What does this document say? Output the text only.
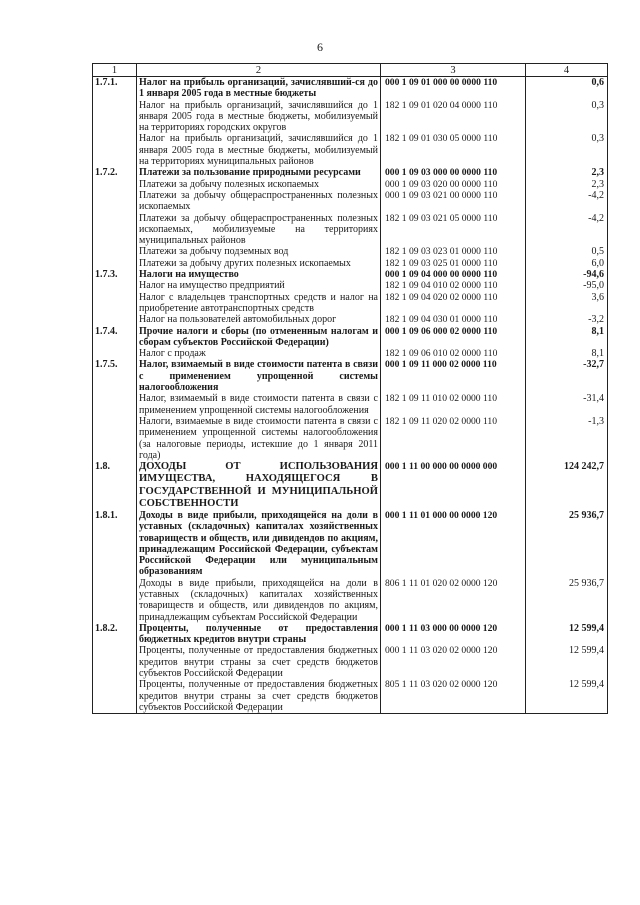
6
1	2	3	4
1.7.1.	Налог на прибыль организаций, зачислявший-ся до 1 января 2005 года в местные бюджеты	000 1 09 01 000 00 0000 110	0,6
	Налог на прибыль организаций, зачислявшийся до 1 января 2005 года в местные бюджеты, мобилизуемый на территориях городских округов	182 1 09 01 020 04 0000 110	0,3
	Налог на прибыль организаций, зачислявшийся до 1 января 2005 года в местные бюджеты, мобилизуемый на территориях муниципальных районов	182 1 09 01 030 05 0000 110	0,3
1.7.2.	Платежи за пользование природными ресурсами	000 1 09 03 000 00 0000 110	2,3
	Платежи за добычу полезных ископаемых	000 1 09 03 020 00 0000 110	2,3
	Платежи за добычу общераспространенных полезных ископаемых	000 1 09 03 021 00 0000 110	-4,2
	Платежи за добычу общераспространенных полезных ископаемых, мобилизуемые на территориях муниципальных районов	182 1 09 03 021 05 0000 110	-4,2
	Платежи за добычу подземных вод	182 1 09 03 023 01 0000 110	0,5
	Платежи за добычу других полезных ископаемых	182 1 09 03 025 01 0000 110	6,0
1.7.3.	Налоги на имущество	000 1 09 04 000 00 0000 110	-94,6
	Налог на имущество предприятий	182 1 09 04 010 02 0000 110	-95,0
	Налог с владельцев транспортных средств и налог на приобретение автотранспортных средств	182 1 09 04 020 02 0000 110	3,6
	Налог на пользователей автомобильных дорог	182 1 09 04 030 01 0000 110	-3,2
1.7.4.	Прочие налоги и сборы (по отмененным налогам и сборам субъектов Российской Федерации)	000 1 09 06 000 02 0000 110	8,1
	Налог с продаж	182 1 09 06 010 02 0000 110	8,1
1.7.5.	Налог, взимаемый в виде стоимости патента в связи с применением упрощенной системы налогообложения	000 1 09 11 000 02 0000 110	-32,7
	Налог, взимаемый в виде стоимости патента в связи с применением упрощенной системы налогообложения	182 1 09 11 010 02 0000 110	-31,4
	Налоги, взимаемые в виде стоимости патента в связи с применением упрощенной системы налогообложения (за налоговые периоды, истекшие до 1 января 2011 года)	182 1 09 11 020 02 0000 110	-1,3
1.8.	ДОХОДЫ ОТ ИСПОЛЬЗОВАНИЯ ИМУЩЕСТВА, НАХОДЯЩЕГОСЯ В ГОСУДАРСТВЕННОЙ И МУНИЦИПАЛЬНОЙ СОБСТВЕННОСТИ	000 1 11 00 000 00 0000 000	124 242,7
1.8.1.	Доходы в виде прибыли, приходящейся на доли в уставных (складочных) капиталах хозяйственных товариществ и обществ, или дивидендов по акциям, принадлежащим Российской Федерации, субъектам Российской Федерации или муниципальным образованиям	000 1 11 01 000 00 0000 120	25 936,7
	Доходы в виде прибыли, приходящейся на доли в уставных (складочных) капиталах хозяйственных товариществ и обществ, или дивидендов по акциям, принадлежащим субъектам Российской Федерации	806 1 11 01 020 02 0000 120	25 936,7
1.8.2.	Проценты, полученные от предоставления бюджетных кредитов внутри страны	000 1 11 03 000 00 0000 120	12 599,4
	Проценты, полученные от предоставления бюджетных кредитов внутри страны за счет средств бюджетов субъектов Российской Федерации	000 1 11 03 020 02 0000 120	12 599,4
	Проценты, полученные от предоставления бюджетных кредитов внутри страны за счет средств бюджетов субъектов Российской Федерации	805 1 11 03 020 02 0000 120	12 599,4
